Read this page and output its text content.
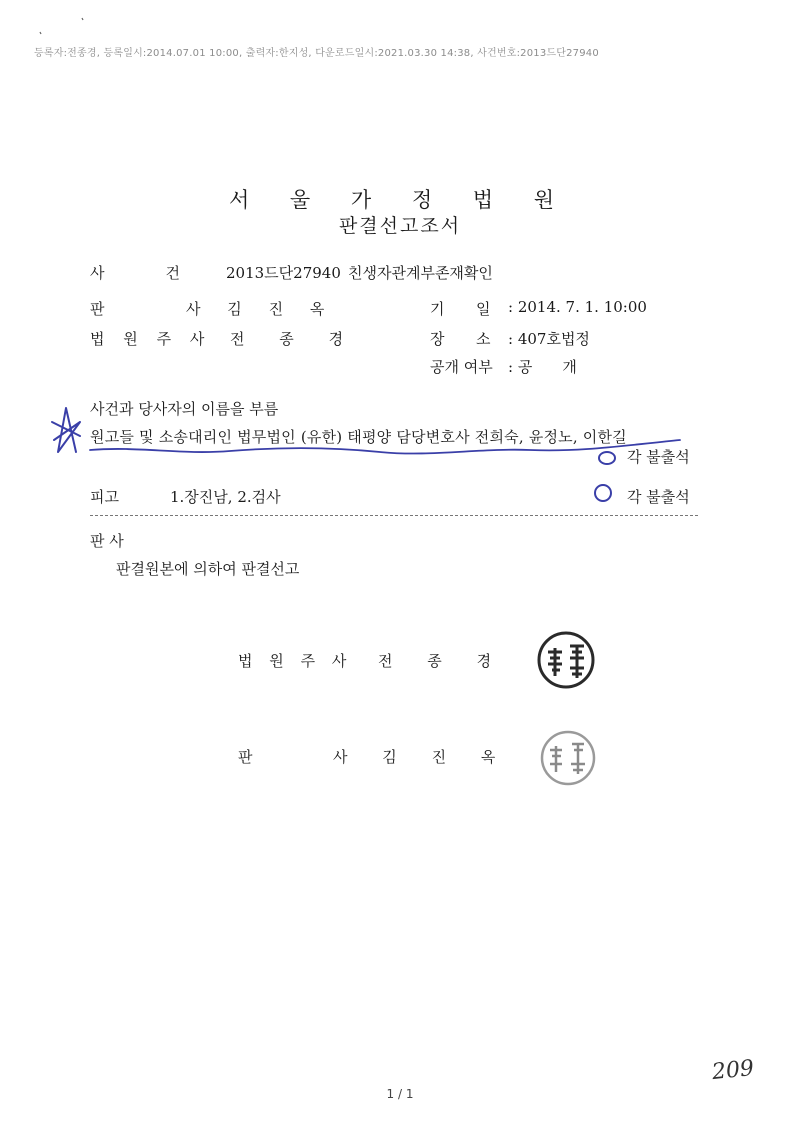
등록자:전종경, 등록일시:2014.07.01 10:00, 출력자:한지성, 다운로드일시:2021.03.30 14:38, 사건번호:2013드단27940
서 울 가 정 법 원
판결선고조서
사	건	2013드단27940 친생자관계부존재확인
판	사 김 진 옥
법 원 주 사 전 종 경
기 일 : 2014. 7. 1. 10:00
장 소 : 407호법정
공개 여부 : 공 개
사건과 당사자의 이름을 부름
원고들 및 소송대리인 법무법인 (유한) 태평양 담당변호사 전희숙, 윤정노, 이한길
각 불출석
피고	1.장진남, 2.검사	각 불출석
판 사
판결원본에 의하여 판결선고
법 원 주 사 전 종 경
판	사 김 진 옥
209
1 / 1
